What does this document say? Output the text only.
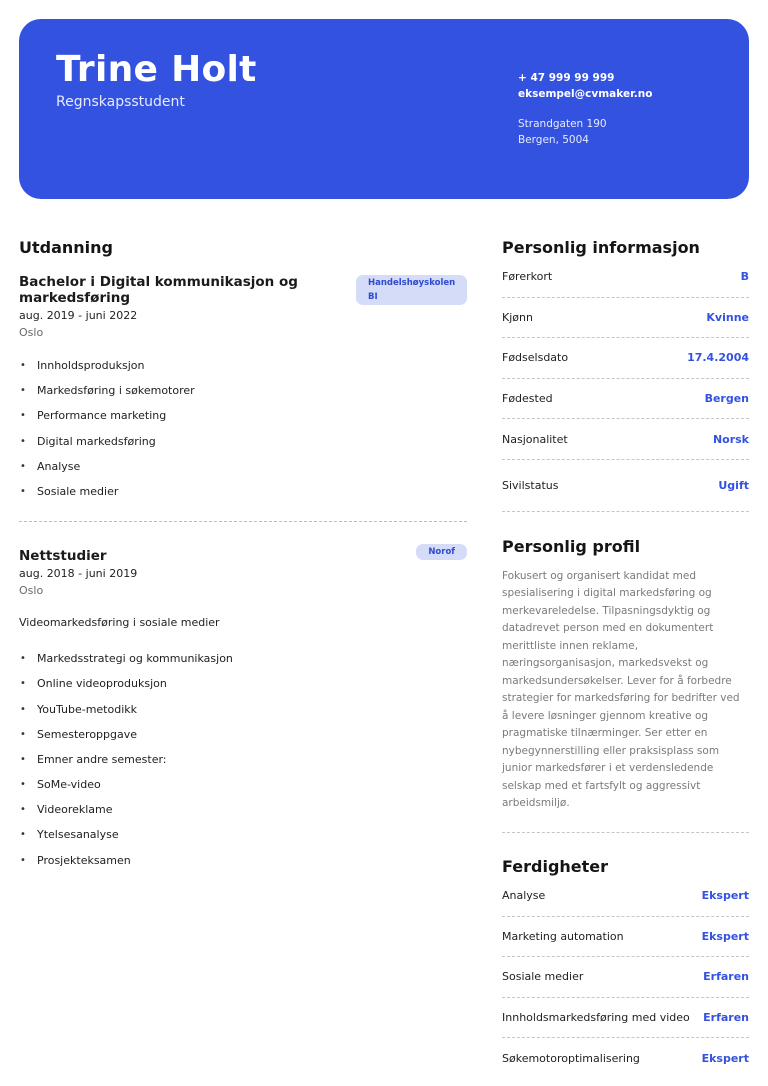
Trine Holt
Regnskapsstudent
+ 47 999 99 999
eksempel@cvmaker.no
Strandgaten 190
Bergen, 5004
Utdanning
Handelshøyskolen BI
Bachelor i Digital kommunikasjon og markedsføring
aug. 2019 - juni 2022
Oslo
• Innholdsproduksjon
• Markedsføring i søkemotorer
• Performance marketing
• Digital markedsføring
• Analyse
• Sosiale medier
Norof
Nettstudier
aug. 2018 - juni 2019
Oslo
Videomarkedsføring i sosiale medier
• Markedsstrategi og kommunikasjon
• Online videoproduksjon
• YouTube-metodikk
• Semesteroppgave
• Emner andre semester:
• SoMe-video
• Videoreklame
• Ytelsesanalyse
• Prosjekteksamen
Personlig informasjon
Førerkort	B
Kjønn	Kvinne
Fødselsdato	17.4.2004
Fødested	Bergen
Nasjonalitet	Norsk
Sivilstatus	Ugift
Personlig profil

Fokusert og organisert kandidat med spesialisering i digital markedsføring og merkevareledelse. Tilpasningsdyktig og datadrevet person med en dokumentert merittliste innen reklame, næringsorganisasjon, markedsvekst og markedsundersøkelser. Lever for å forbedre strategier for markedsføring for bedrifter ved å levere løsninger gjennom kreative og pragmatiske tilnærminger. Ser etter en nybegynnerstilling eller praksisplass som junior markedsfører i et verdensledende selskap med et fartsfylt og aggressivt arbeidsmiljø.

Ferdigheter
Analyse	Ekspert
Marketing automation	Ekspert
Sosiale medier	Erfaren
Innholdsmarkedsføring med video Erfaren
Søkemotoroptimalisering	Ekspert
